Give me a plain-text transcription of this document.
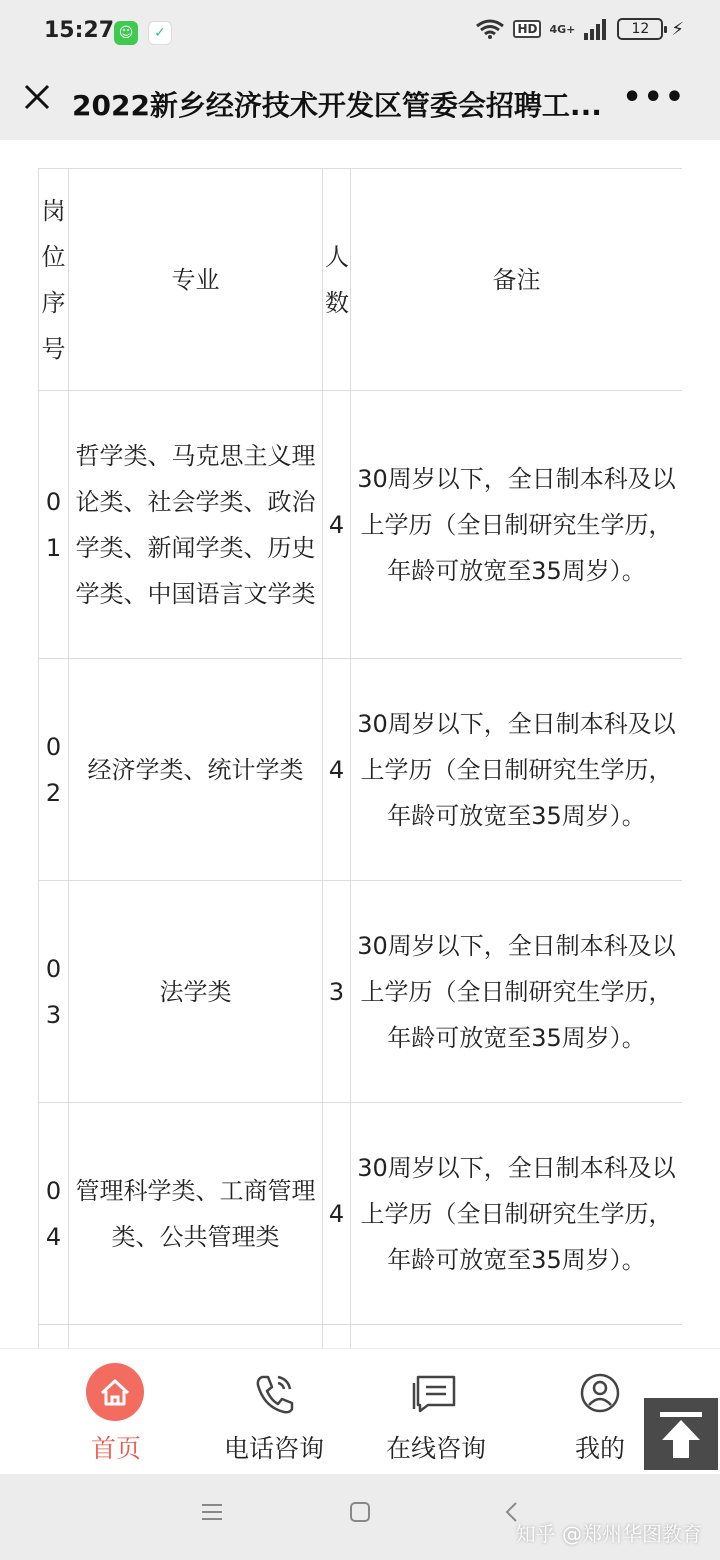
15:27 ☺	✓	HD	4G+	12	⚡
2022新乡经济技术开发区管委会招聘工... •••
岗位序号	专业	人数	备注

01	哲学类、马克思主义理论类、社会学类、政治学类、新闻学类、历史学类、中国语言文学类	4	30周岁以下，全日制本科及以上学历（全日制研究生学历，年龄可放宽至35周岁）。

02	经济学类、统计学类	4	30周岁以下，全日制本科及以上学历（全日制研究生学历，年龄可放宽至35周岁）。

03	法学类	3	30周岁以下，全日制本科及以上学历（全日制研究生学历，年龄可放宽至35周岁）。

04	管理科学类、工商管理类、公共管理类	4	30周岁以下，全日制本科及以上学历（全日制研究生学历，年龄可放宽至35周岁）。

首页	电话咨询	在线咨询	我的
知乎 @郑州华图教育
